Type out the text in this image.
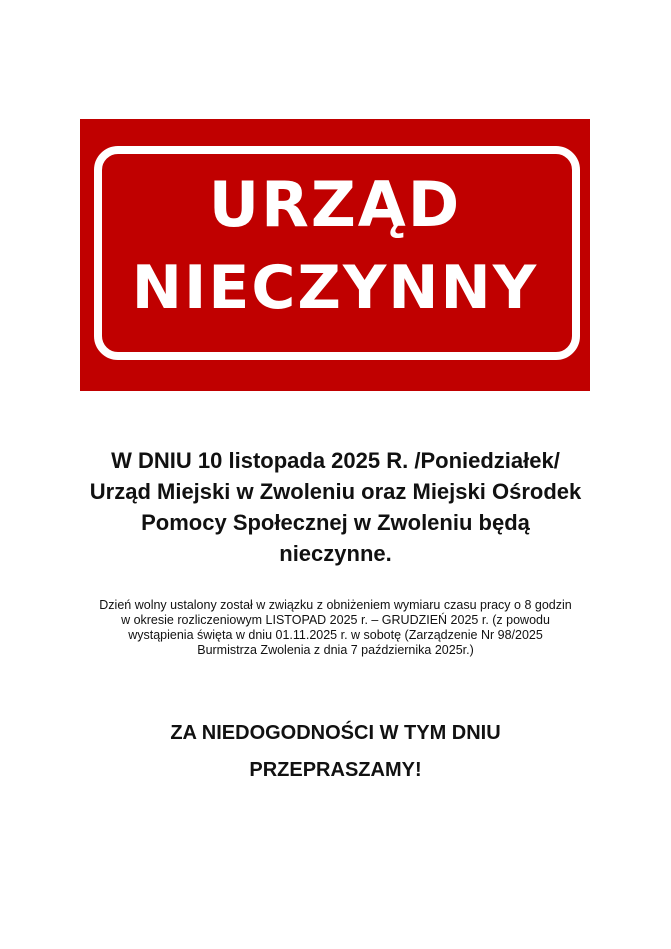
URZĄD
NIECZYNNY
W DNIU 10 listopada 2025 R. /Poniedziałek/
Urząd Miejski w Zwoleniu oraz Miejski Ośrodek
Pomocy Społecznej w Zwoleniu będą
nieczynne.

Dzień wolny ustalony został w związku z obniżeniem wymiaru czasu pracy o 8 godzin
w okresie rozliczeniowym LISTOPAD 2025 r. – GRUDZIEŃ 2025 r. (z powodu
wystąpienia święta w dniu 01.11.2025 r. w sobotę (Zarządzenie Nr 98/2025
Burmistrza Zwolenia z dnia 7 października 2025r.)

ZA NIEDOGODNOŚCI W TYM DNIU
PRZEPRASZAMY!
